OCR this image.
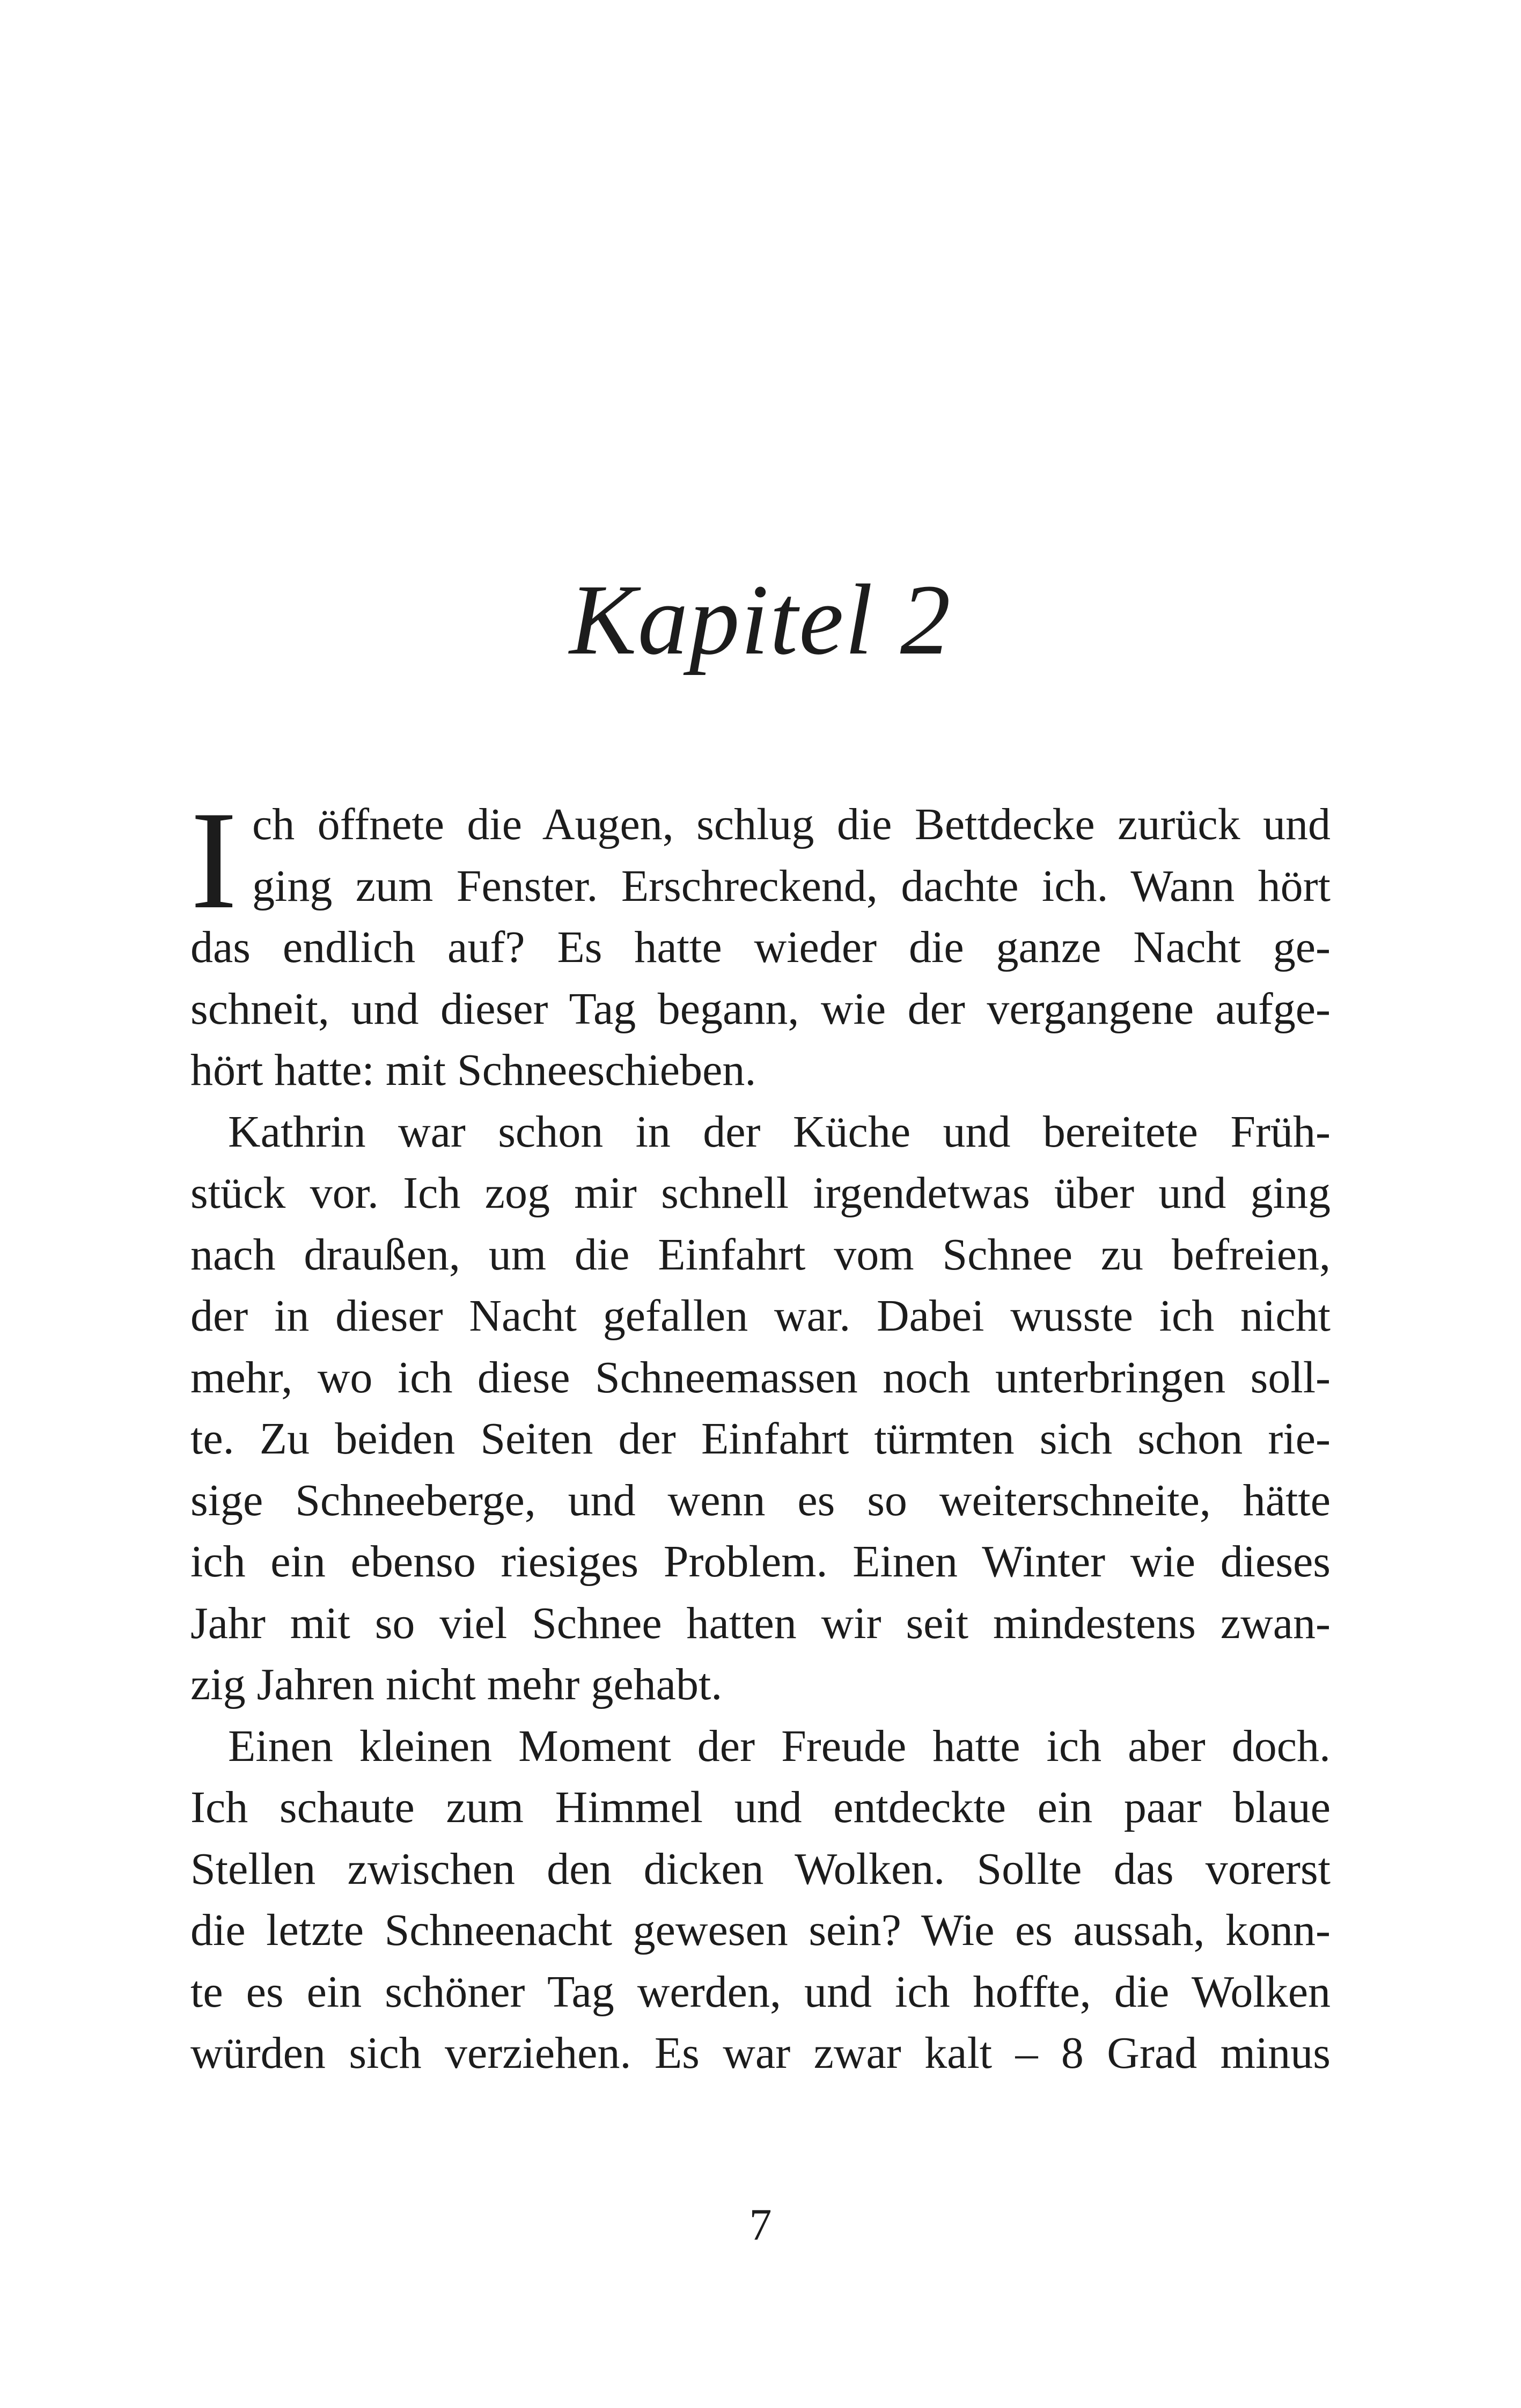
Kapitel 2
I ch öffnete die Augen, schlug die Bettdecke zurück und
ging zum Fenster. Erschreckend, dachte ich. Wann hört
das endlich auf? Es hatte wieder die ganze Nacht ge-
schneit, und dieser Tag begann, wie der vergangene aufge-
hört hatte: mit Schneeschieben.
Kathrin war schon in der Küche und bereitete Früh-
stück vor. Ich zog mir schnell irgendetwas über und ging
nach draußen, um die Einfahrt vom Schnee zu befreien,
der in dieser Nacht gefallen war. Dabei wusste ich nicht
mehr, wo ich diese Schneemassen noch unterbringen soll-
te. Zu beiden Seiten der Einfahrt türmten sich schon rie-
sige Schneeberge, und wenn es so weiterschneite, hätte
ich ein ebenso riesiges Problem. Einen Winter wie dieses
Jahr mit so viel Schnee hatten wir seit mindestens zwan-
zig Jahren nicht mehr gehabt.
Einen kleinen Moment der Freude hatte ich aber doch.
Ich schaute zum Himmel und entdeckte ein paar blaue
Stellen zwischen den dicken Wolken. Sollte das vorerst
die letzte Schneenacht gewesen sein? Wie es aussah, konn-
te es ein schöner Tag werden, und ich hoffte, die Wolken
würden sich verziehen. Es war zwar kalt – 8 Grad minus
7
